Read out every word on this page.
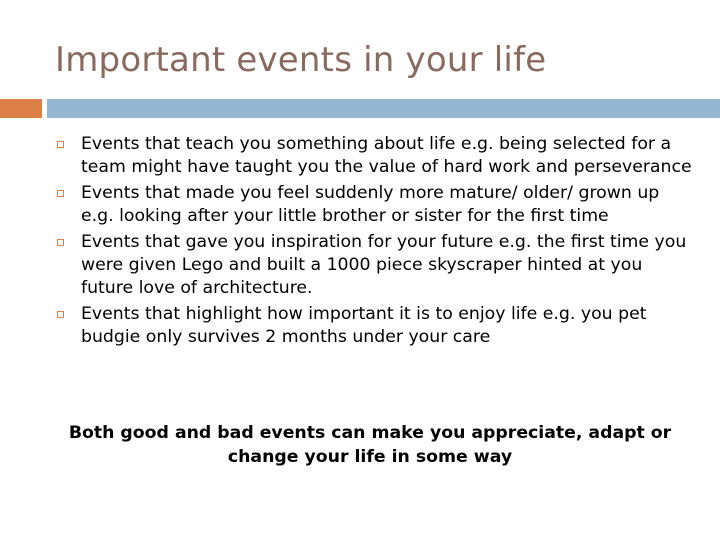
Important events in your life
Events that teach you something about life e.g. being selected for a team might have taught you the value of hard work and perseverance
Events that made you feel suddenly more mature/ older/ grown up e.g. looking after your little brother or sister for the first time
Events that gave you inspiration for your future e.g. the first time you were given Lego and built a 1000 piece skyscraper hinted at you future love of architecture.
Events that highlight how important it is to enjoy life e.g. you pet budgie only survives 2 months under your care
Both good and bad events can make you appreciate, adapt or change your life in some way
